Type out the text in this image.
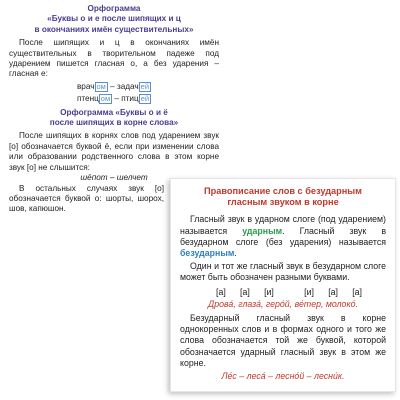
Орфограмма
«Буквы о и е после шипящих и ц
в окончаниях имён существительных»

После шипящих и ц в окончаниях имён существительных в творительном падеже под ударением пишется гласная о, а без ударения – гласная е:

врач ом – задач ей
птенц ом – птиц ей
Орфограмма «Буквы о и ё
после шипящих в корне слова»

После шипящих в корнях слов под ударением звук [о] обозначается буквой ё, если при изменении слова или образовании родственного слова в этом корне звук [о] не слышится:

шёпот – шелчет

В остальных случаях звук [о] обозначается буквой о: шорты, шорох, шов, капюшон.

Правописание слов с безударным
гласным звуком в корне

Гласный звук в ударном слоге (под ударением) называется ударным. Гласный звук в безударном слоге (без ударения) называется безударным.

Один и тот же гласный звук в безударном слоге может быть обозначен разными буквами.

[а] [а] [и]	[и] [а] [а]

Дрова́, глаза́, геро́й, ве́тер, молоко́.

Безударный гласный звук в корне однокоренных слов и в формах одного и того же слова обозначается той же буквой, которой обозначается ударный гласный звук в этом же корне.

Ле́с – леса́ – лесно́й – лесни́к.
